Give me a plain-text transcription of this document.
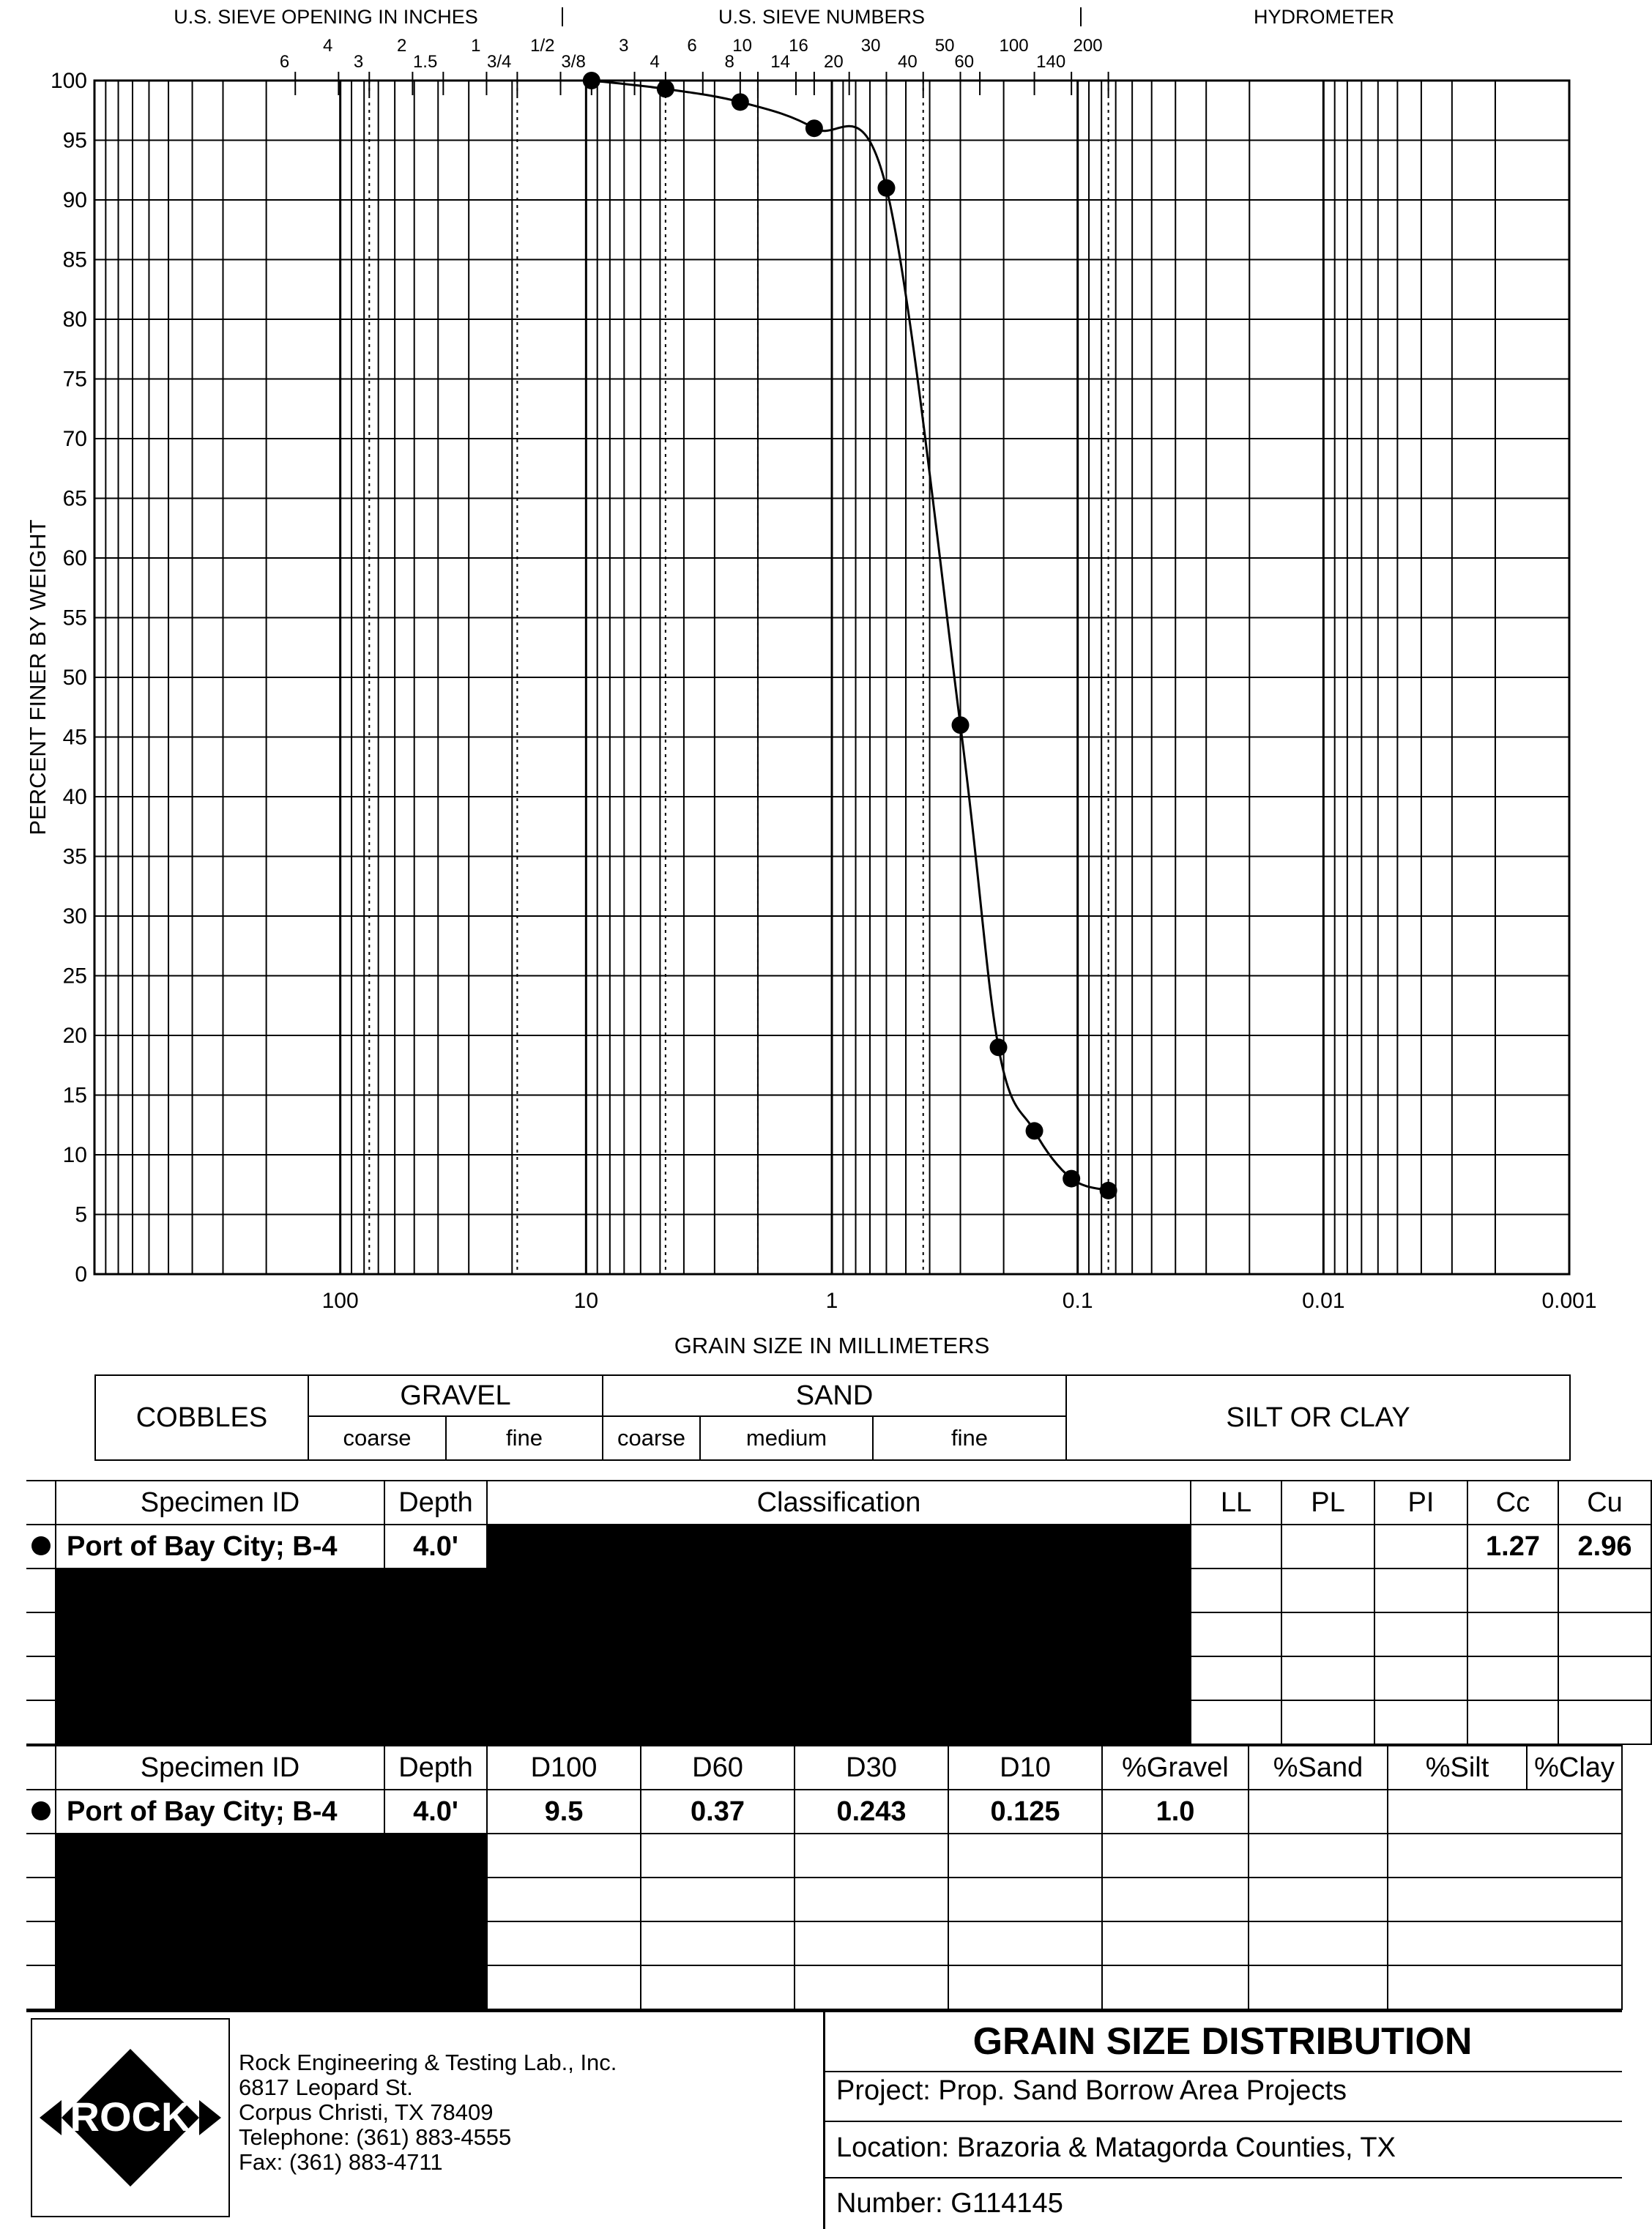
6
4
3
2
1.5
1
3/4
1/2
3/8
3
4
6
8
10
14
16
20
30
40
50
60
100
140
200
U.S. SIEVE OPENING IN INCHES	U.S. SIEVE NUMBERS	HYDROMETER
0
5
10
15
20
25
30
35
40
45
50
55
60
65
70
75
80
85
90
95
100
100	10	1	0.1	0.01	0.001
GRAIN SIZE IN MILLIMETERS
PERCENT FINER BY WEIGHT
COBBLES	GRAVEL		SAND			SILT OR CLAY
	coarse	fine	coarse	medium	fine	
	Specimen ID	Depth	Classification	LL	PL	PI	Cc	Cu
	Port of Bay City; B-4	4.0'					1.27	2.96

	Specimen ID	Depth	D100	D60	D30	D10	%Gravel	%Sand	%Silt	%Clay
	Port of Bay City; B-4	4.0'	9.5	0.37	0.243	0.125	1.0			

ROCK
Rock Engineering & Testing Lab., Inc.
6817 Leopard St.
Corpus Christi, TX 78409
Telephone: (361) 883-4555
Fax: (361) 883-4711
GRAIN SIZE DISTRIBUTION
Project: Prop. Sand Borrow Area Projects
Location: Brazoria & Matagorda Counties, TX
Number: G114145
